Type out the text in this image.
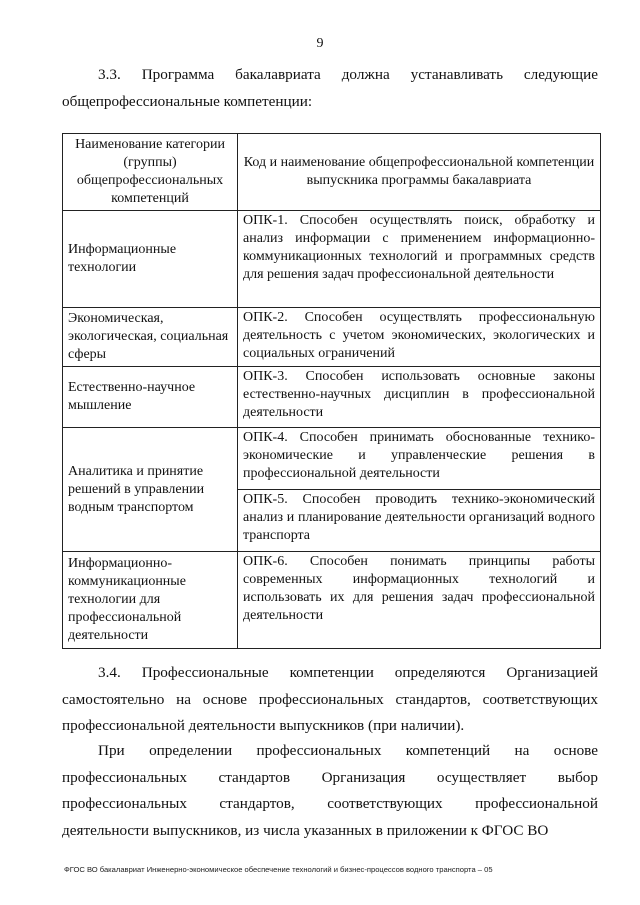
9

3.3. Программа бакалавриата должна устанавливать следующие общепрофессиональные компетенции:

Наименование категории (группы) общепрофессиональных компетенций	Код и наименование общепрофессиональной компетенции выпускника программы бакалавриата
Информационные технологии	ОПК-1. Способен осуществлять поиск, обработку и анализ информации с применением информационно-коммуникационных технологий и программных средств для решения задач профессиональной деятельности
Экономическая, экологическая, социальная сферы	ОПК-2. Способен осуществлять профессиональную деятельность с учетом экономических, экологических и социальных ограничений
Естественно-научное мышление	ОПК-3. Способен использовать основные законы естественно-научных дисциплин в профессиональной деятельности
Аналитика и принятие решений в управлении водным транспортом	ОПК-4. Способен принимать обоснованные технико-экономические и управленческие решения в профессиональной деятельности
	ОПК-5. Способен проводить технико-экономический анализ и планирование деятельности организаций водного транспорта
Информационно-коммуникационные технологии для профессиональной деятельности	ОПК-6. Способен понимать принципы работы современных информационных технологий и использовать их для решения задач профессиональной деятельности

3.4. Профессиональные компетенции определяются Организацией самостоятельно на основе профессиональных стандартов, соответствующих профессиональной деятельности выпускников (при наличии).

При определении профессиональных компетенций на основе профессиональных стандартов Организация осуществляет выбор профессиональных стандартов, соответствующих профессиональной деятельности выпускников, из числа указанных в приложении к ФГОС ВО

ФГОС ВО бакалавриат Инженерно-экономическое обеспечение технологий и бизнес-процессов водного транспорта – 05
